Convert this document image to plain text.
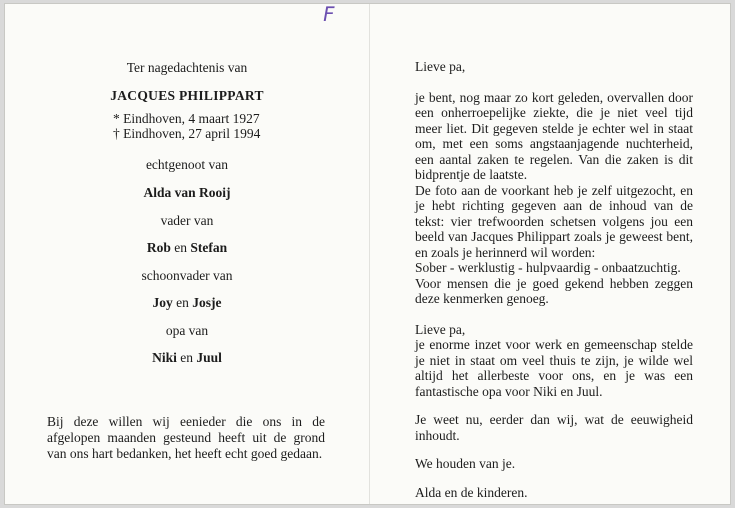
F
Ter nagedachtenis van
JACQUES PHILIPPART
* Eindhoven, 4 maart 1927
† Eindhoven, 27 april 1994
echtgenoot van
Alda van Rooij
vader van
Rob en Stefan
schoonvader van
Joy en Josje
opa van
Niki en Juul
Bij deze willen wij eenieder die ons in de afgelopen maanden gesteund heeft uit de grond van ons hart bedanken, het heeft echt goed gedaan.

Lieve pa,

je bent, nog maar zo kort geleden, overvallen door een onherroepelijke ziekte, die je niet veel tijd meer liet. Dit gegeven stelde je echter wel in staat om, met een soms angstaanjagende nuchterheid, een aantal zaken te regelen. Van die zaken is dit bidprentje de laatste.

De foto aan de voorkant heb je zelf uitgezocht, en je hebt richting gegeven aan de inhoud van de tekst: vier trefwoorden schetsen volgens jou een beeld van Jacques Philippart zoals je geweest bent, en zoals je herinnerd wil worden:

Sober - werklustig - hulpvaardig - onbaatzuchtig.

Voor mensen die je goed gekend hebben zeggen deze kenmerken genoeg.

Lieve pa,

je enorme inzet voor werk en gemeenschap stelde je niet in staat om veel thuis te zijn, je wilde wel altijd het allerbeste voor ons, en je was een fantastische opa voor Niki en Juul.

Je weet nu, eerder dan wij, wat de eeuwigheid inhoudt.

We houden van je.

Alda en de kinderen.
